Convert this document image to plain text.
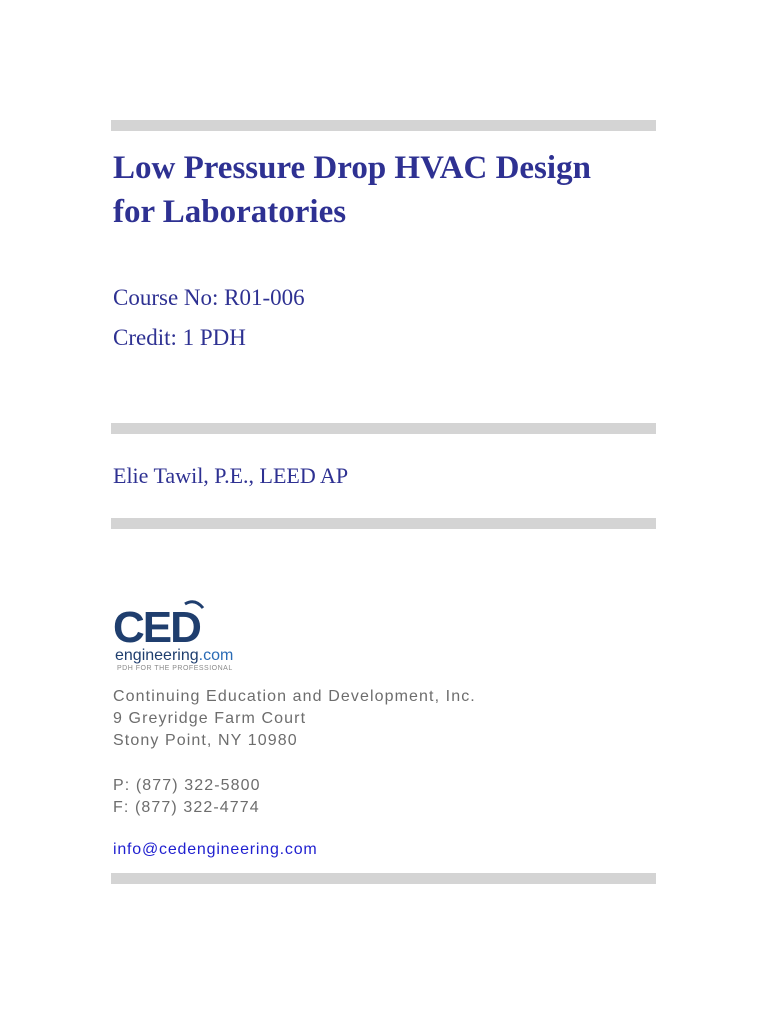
Low Pressure Drop HVAC Design
for Laboratories

Course No: R01-006

Credit: 1 PDH

Elie Tawil, P.E., LEED AP

CED
engineering.com
PDH FOR THE PROFESSIONAL
Continuing Education and Development, Inc.
9 Greyridge Farm Court
Stony Point, NY 10980
P: (877) 322-5800
F: (877) 322-4774
info@cedengineering.com
